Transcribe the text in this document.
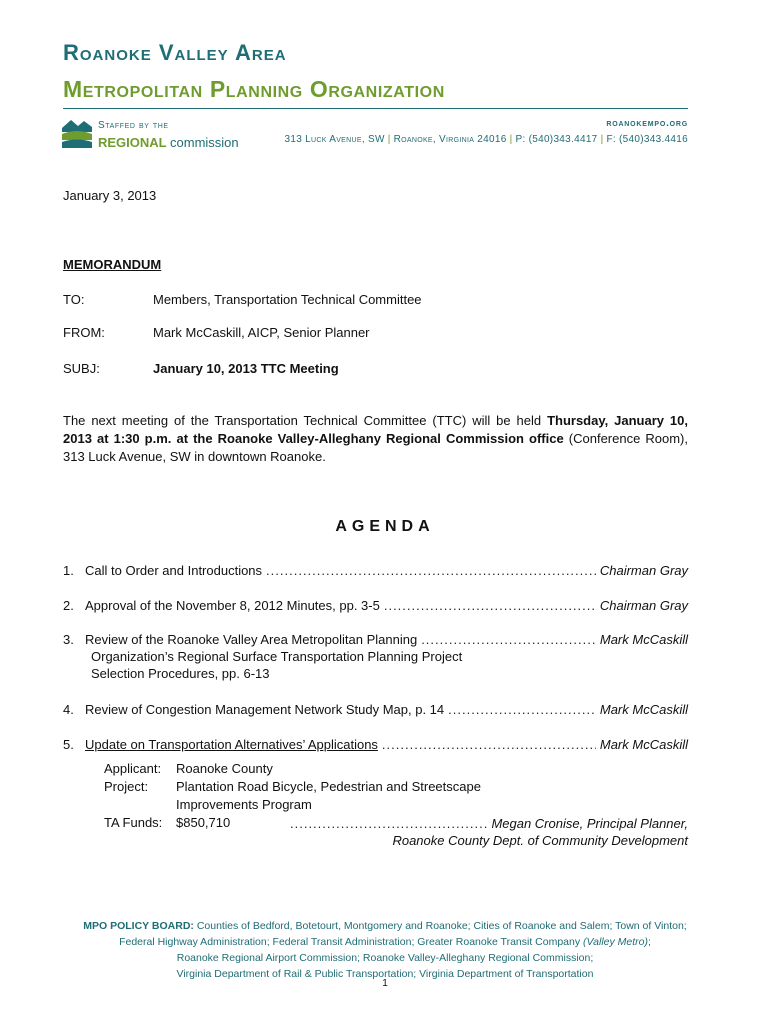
Roanoke Valley Area
Metropolitan Planning Organization
Staffed by the
REGIONAL commission
roanokempo.org
313 Luck Avenue, SW | Roanoke, Virginia 24016 | P: (540)343.4417 | F: (540)343.4416
January 3, 2013
MEMORANDUM
TO:	Members, Transportation Technical Committee
FROM:	Mark McCaskill, AICP, Senior Planner
SUBJ:	January 10, 2013 TTC Meeting
The next meeting of the Transportation Technical Committee (TTC) will be held Thursday, January 10, 2013 at 1:30 p.m. at the Roanoke Valley-Alleghany Regional Commission office (Conference Room), 313 Luck Avenue, SW in downtown Roanoke.
AGENDA
1. Call to Order and Introductions .....	Chairman Gray
2. Approval of the November 8, 2012 Minutes, pp. 3-5 .....	Chairman Gray
3. Review of the Roanoke Valley Area Metropolitan Planning .....	Mark McCaskill
Organization’s Regional Surface Transportation Planning Project
Selection Procedures, pp. 6-13
4. Review of Congestion Management Network Study Map, p. 14 .....	Mark McCaskill
5. Update on Transportation Alternatives’ Applications .....	Mark McCaskill
Applicant:	Roanoke County
Project:	Plantation Road Bicycle, Pedestrian and Streetscape
Improvements Program

TA Funds:	$850,710 .....	Megan Cronise, Principal Planner,
Roanoke County Dept. of Community Development
MPO POLICY BOARD: Counties of Bedford, Botetourt, Montgomery and Roanoke; Cities of Roanoke and Salem; Town of Vinton;
Federal Highway Administration; Federal Transit Administration; Greater Roanoke Transit Company (Valley Metro);
Roanoke Regional Airport Commission; Roanoke Valley-Alleghany Regional Commission;
Virginia Department of Rail & Public Transportation; Virginia Department of Transportation
1
